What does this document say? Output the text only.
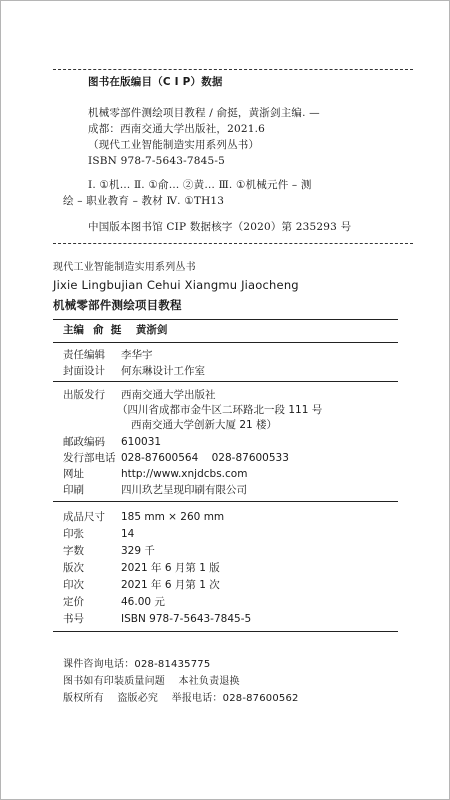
图书在版编目（C I P）数据
机械零部件测绘项目教程 / 俞挺，黄浙剑主编. —
成都：西南交通大学出版社，2021.6
（现代工业智能制造实用系列丛书）
ISBN 978-7-5643-7845-5
Ⅰ. ①机… Ⅱ. ①俞… ②黄… Ⅲ. ①机械元件 – 测
绘 – 职业教育 – 教材 Ⅳ. ①TH13
中国版本图书馆 CIP 数据核字（2020）第 235293 号
现代工业智能制造实用系列丛书
Jixie Lingbujian Cehui Xiangmu Jiaocheng
机械零部件测绘项目教程
主编 俞  挺    黄浙剑
责任编辑 李华宇
封面设计 何东琳设计工作室
出版发行 西南交通大学出版社
（四川省成都市金牛区二环路北一段 111 号
西南交通大学创新大厦 21 楼）
邮政编码 610031
发行部电话 028-87600564    028-87600533
网址	http://www.xnjdcbs.com
印刷	四川玖艺呈现印刷有限公司
成品尺寸 185 mm × 260 mm
印张	14
字数	329 千
版次	2021 年 6 月第 1 版
印次	2021 年 6 月第 1 次
定价	46.00 元
书号	ISBN 978-7-5643-7845-5
课件咨询电话：028-81435775
图书如有印装质量问题    本社负责退换
版权所有    盗版必究    举报电话：028-87600562
